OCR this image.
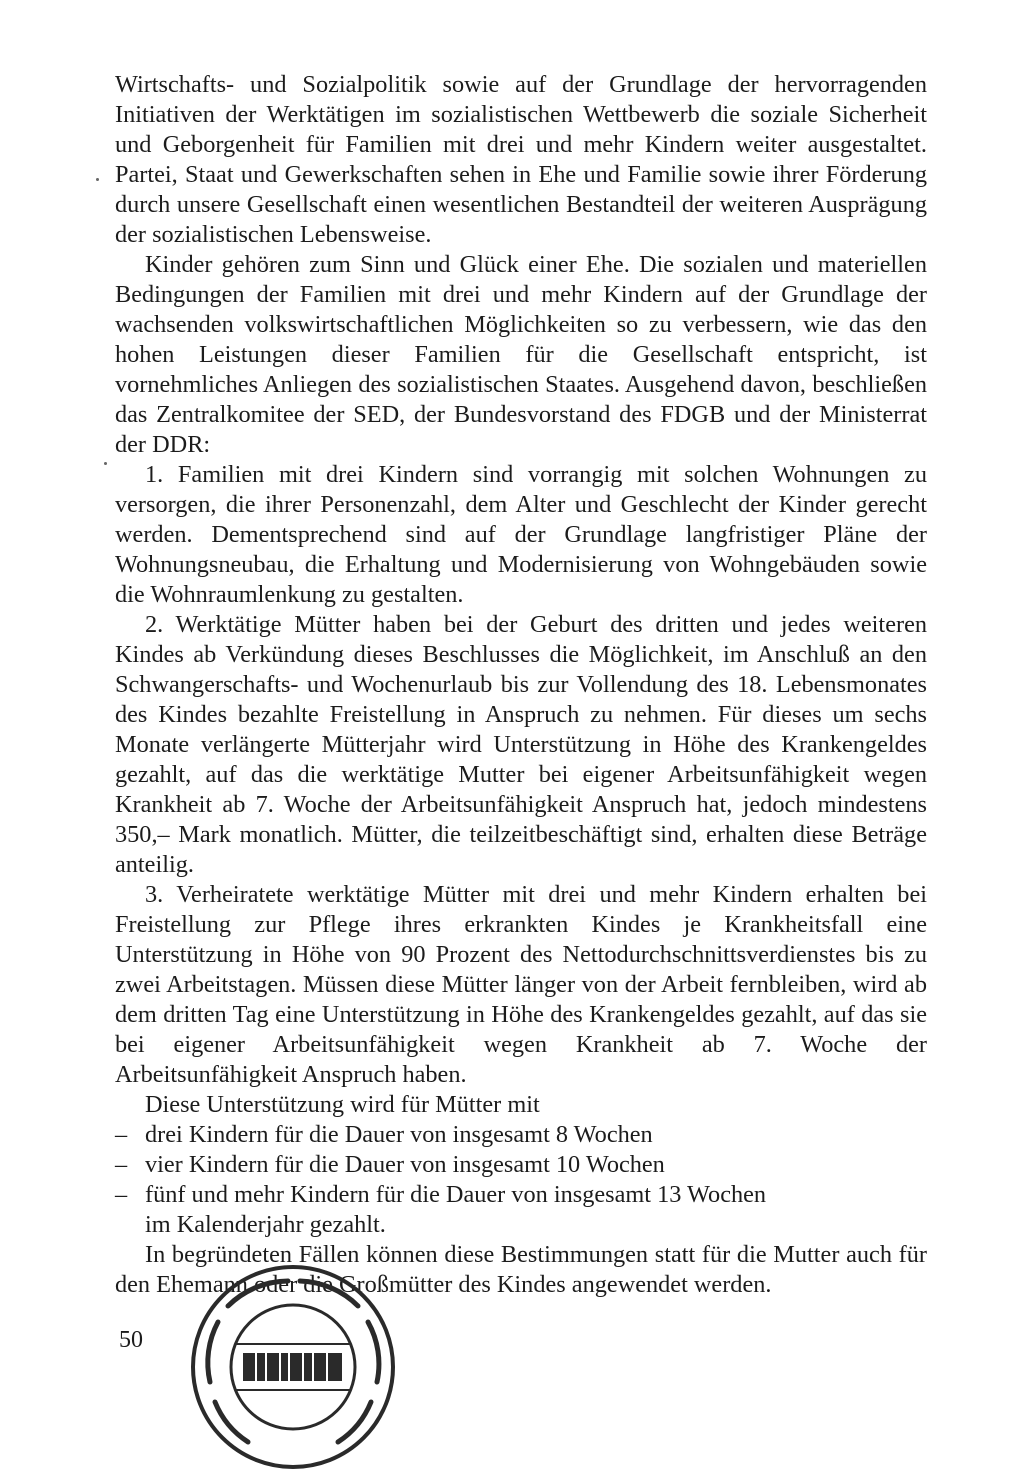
Wirtschafts- und Sozialpolitik sowie auf der Grundlage der hervorragenden Initiativen der Werktätigen im sozialistischen Wettbewerb die soziale Sicherheit und Geborgenheit für Familien mit drei und mehr Kindern weiter ausgestaltet. Partei, Staat und Gewerkschaften sehen in Ehe und Familie sowie ihrer Förderung durch unsere Gesellschaft einen wesentlichen Bestandteil der weiteren Ausprägung der sozialistischen Lebensweise.

Kinder gehören zum Sinn und Glück einer Ehe. Die sozialen und materiellen Bedingungen der Familien mit drei und mehr Kindern auf der Grundlage der wachsenden volkswirtschaftlichen Möglichkeiten so zu verbessern, wie das den hohen Leistungen dieser Familien für die Gesellschaft entspricht, ist vornehmliches Anliegen des sozialistischen Staates. Ausgehend davon, beschließen das Zentralkomitee der SED, der Bundesvorstand des FDGB und der Ministerrat der DDR:

1. Familien mit drei Kindern sind vorrangig mit solchen Wohnungen zu versorgen, die ihrer Personenzahl, dem Alter und Geschlecht der Kinder gerecht werden. Dementsprechend sind auf der Grundlage langfristiger Pläne der Wohnungsneubau, die Erhaltung und Modernisierung von Wohngebäuden sowie die Wohnraumlenkung zu gestalten.

2. Werktätige Mütter haben bei der Geburt des dritten und jedes weiteren Kindes ab Verkündung dieses Beschlusses die Möglichkeit, im Anschluß an den Schwangerschafts- und Wochenurlaub bis zur Vollendung des 18. Lebensmonates des Kindes bezahlte Freistellung in Anspruch zu nehmen. Für dieses um sechs Monate verlängerte Mütterjahr wird Unterstützung in Höhe des Krankengeldes gezahlt, auf das die werktätige Mutter bei eigener Arbeitsunfähigkeit wegen Krankheit ab 7. Woche der Arbeitsunfähigkeit Anspruch hat, jedoch mindestens 350,– Mark monatlich. Mütter, die teilzeitbeschäftigt sind, erhalten diese Beträge anteilig.

3. Verheiratete werktätige Mütter mit drei und mehr Kindern erhalten bei Freistellung zur Pflege ihres erkrankten Kindes je Krankheitsfall eine Unterstützung in Höhe von 90 Prozent des Nettodurchschnittsverdienstes bis zu zwei Arbeitstagen. Müssen diese Mütter länger von der Arbeit fernbleiben, wird ab dem dritten Tag eine Unterstützung in Höhe des Krankengeldes gezahlt, auf das sie bei eigener Arbeitsunfähigkeit wegen Krankheit ab 7. Woche der Arbeitsunfähigkeit Anspruch haben.

Diese Unterstützung wird für Mütter mit

– drei Kindern für die Dauer von insgesamt 8 Wochen
– vier Kindern für die Dauer von insgesamt 10 Wochen
– fünf und mehr Kindern für die Dauer von insgesamt 13 Wochen

im Kalenderjahr gezahlt.

In begründeten Fällen können diese Bestimmungen statt für die Mutter auch für den Ehemann oder die Großmütter des Kindes angewendet werden.

50
